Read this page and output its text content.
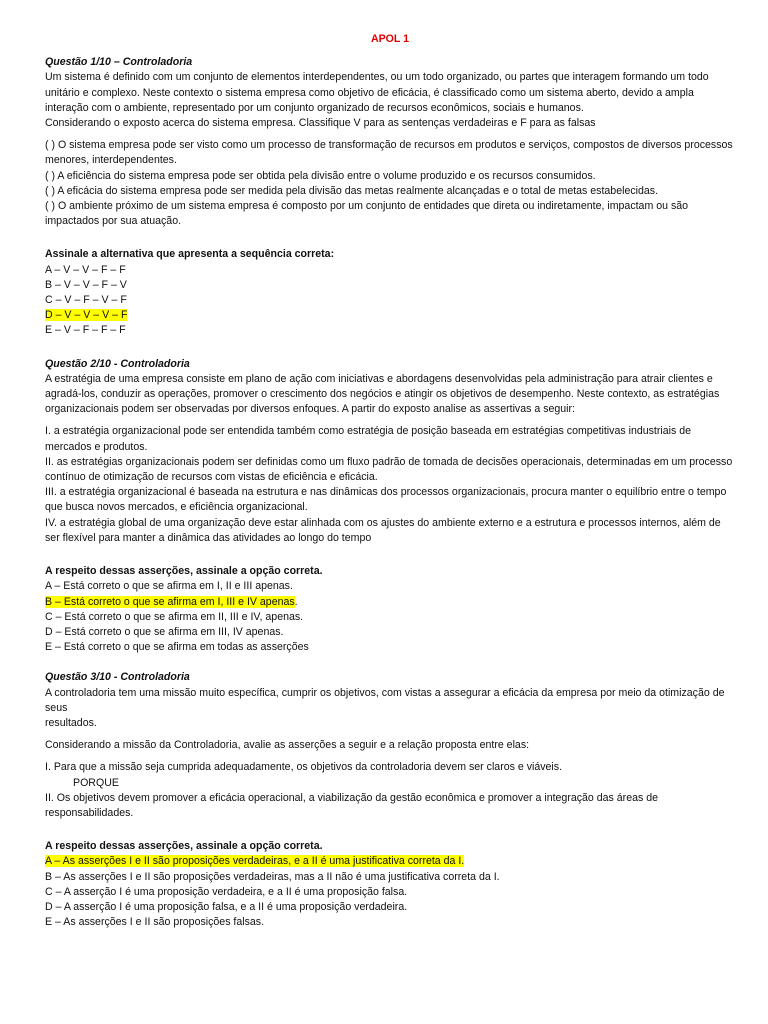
APOL 1
Questão 1/10 – Controladoria

Um sistema é definido com um conjunto de elementos interdependentes, ou um todo organizado, ou partes que interagem formando um todo unitário e complexo. Neste contexto o sistema empresa como objetivo de eficácia, é classificado como um sistema aberto, devido a ampla interação com o ambiente, representado por um conjunto organizado de recursos econômicos, sociais e humanos.

Considerando o exposto acerca do sistema empresa. Classifique V para as sentenças verdadeiras e F para as falsas

( ) O sistema empresa pode ser visto como um processo de transformação de recursos em produtos e serviços, compostos de diversos processos menores, interdependentes.

( ) A eficiência do sistema empresa pode ser obtida pela divisão entre o volume produzido e os recursos consumidos.

( ) A eficácia do sistema empresa pode ser medida pela divisão das metas realmente alcançadas e o total de metas estabelecidas.

( ) O ambiente próximo de um sistema empresa é composto por um conjunto de entidades que direta ou indiretamente, impactam ou são impactados por sua atuação.

Assinale a alternativa que apresenta a sequência correta:
A – V – V – F – F
B – V – V – F – V
C – V – F – V – F
D – V – V – V – F
E – V – F – F – F
Questão 2/10 - Controladoria

A estratégia de uma empresa consiste em plano de ação com iniciativas e abordagens desenvolvidas pela administração para atrair clientes e agradá-los, conduzir as operações, promover o crescimento dos negócios e atingir os objetivos de desempenho. Neste contexto, as estratégias organizacionais podem ser observadas por diversos enfoques. A partir do exposto analise as assertivas a seguir:

I. a estratégia organizacional pode ser entendida também como estratégia de posição baseada em estratégias competitivas industriais de mercados e produtos.

II. as estratégias organizacionais podem ser definidas como um fluxo padrão de tomada de decisões operacionais, determinadas em um processo contínuo de otimização de recursos com vistas de eficiência e eficácia.

III. a estratégia organizacional é baseada na estrutura e nas dinâmicas dos processos organizacionais, procura manter o equilíbrio entre o tempo que busca novos mercados, e eficiência organizacional.

IV. a estratégia global de uma organização deve estar alinhada com os ajustes do ambiente externo e a estrutura e processos internos, além de ser flexível para manter a dinâmica das atividades ao longo do tempo

A respeito dessas asserções, assinale a opção correta.
A – Está correto o que se afirma em I, II e III apenas.
B – Está correto o que se afirma em I, III e IV apenas.
C – Está correto o que se afirma em II, III e IV, apenas.
D – Está correto o que se afirma em III, IV apenas.
E – Está correto o que se afirma em todas as asserções
Questão 3/10 - Controladoria

A controladoria tem uma missão muito específica, cumprir os objetivos, com vistas a assegurar a eficácia da empresa por meio da otimização de seus

resultados.

Considerando a missão da Controladoria, avalie as asserções a seguir e a relação proposta entre elas:

I. Para que a missão seja cumprida adequadamente, os objetivos da controladoria devem ser claros e viáveis.

PORQUE

II. Os objetivos devem promover a eficácia operacional, a viabilização da gestão econômica e promover a integração das áreas de responsabilidades.

A respeito dessas asserções, assinale a opção correta.
A – As asserções I e II são proposições verdadeiras, e a II é uma justificativa correta da I.
B – As asserções I e II são proposições verdadeiras, mas a II não é uma justificativa correta da I.
C – A asserção I é uma proposição verdadeira, e a II é uma proposição falsa.
D – A asserção I é uma proposição falsa, e a II é uma proposição verdadeira.
E – As asserções I e II são proposições falsas.
